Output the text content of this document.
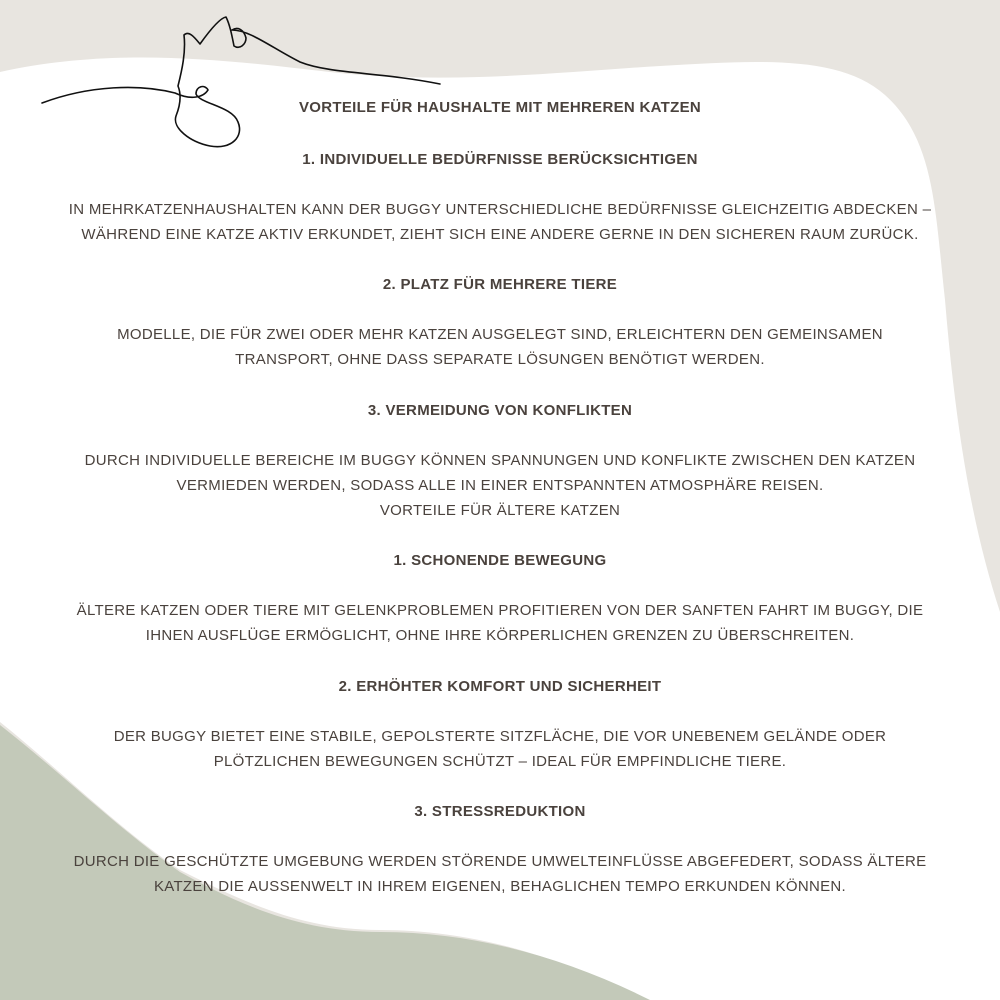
VORTEILE FÜR HAUSHALTE MIT MEHREREN KATZEN
1. INDIVIDUELLE BEDÜRFNISSE BERÜCKSICHTIGEN
IN MEHRKATZENHAUSHALTEN KANN DER BUGGY UNTERSCHIEDLICHE BEDÜRFNISSE GLEICHZEITIG ABDECKEN –
WÄHREND EINE KATZE AKTIV ERKUNDET, ZIEHT SICH EINE ANDERE GERNE IN DEN SICHEREN RAUM ZURÜCK.
2. PLATZ FÜR MEHRERE TIERE
MODELLE, DIE FÜR ZWEI ODER MEHR KATZEN AUSGELEGT SIND, ERLEICHTERN DEN GEMEINSAMEN
TRANSPORT, OHNE DASS SEPARATE LÖSUNGEN BENÖTIGT WERDEN.
3. VERMEIDUNG VON KONFLIKTEN
DURCH INDIVIDUELLE BEREICHE IM BUGGY KÖNNEN SPANNUNGEN UND KONFLIKTE ZWISCHEN DEN KATZEN
VERMIEDEN WERDEN, SODASS ALLE IN EINER ENTSPANNTEN ATMOSPHÄRE REISEN.
VORTEILE FÜR ÄLTERE KATZEN
1. SCHONENDE BEWEGUNG
ÄLTERE KATZEN ODER TIERE MIT GELENKPROBLEMEN PROFITIEREN VON DER SANFTEN FAHRT IM BUGGY, DIE
IHNEN AUSFLÜGE ERMÖGLICHT, OHNE IHRE KÖRPERLICHEN GRENZEN ZU ÜBERSCHREITEN.
2. ERHÖHTER KOMFORT UND SICHERHEIT
DER BUGGY BIETET EINE STABILE, GEPOLSTERTE SITZFLÄCHE, DIE VOR UNEBENEM GELÄNDE ODER
PLÖTZLICHEN BEWEGUNGEN SCHÜTZT – IDEAL FÜR EMPFINDLICHE TIERE.
3. STRESSREDUKTION
DURCH DIE GESCHÜTZTE UMGEBUNG WERDEN STÖRENDE UMWELTEINFLÜSSE ABGEFEDERT, SODASS ÄLTERE
KATZEN DIE AUSSENWELT IN IHREM EIGENEN, BEHAGLICHEN TEMPO ERKUNDEN KÖNNEN.
